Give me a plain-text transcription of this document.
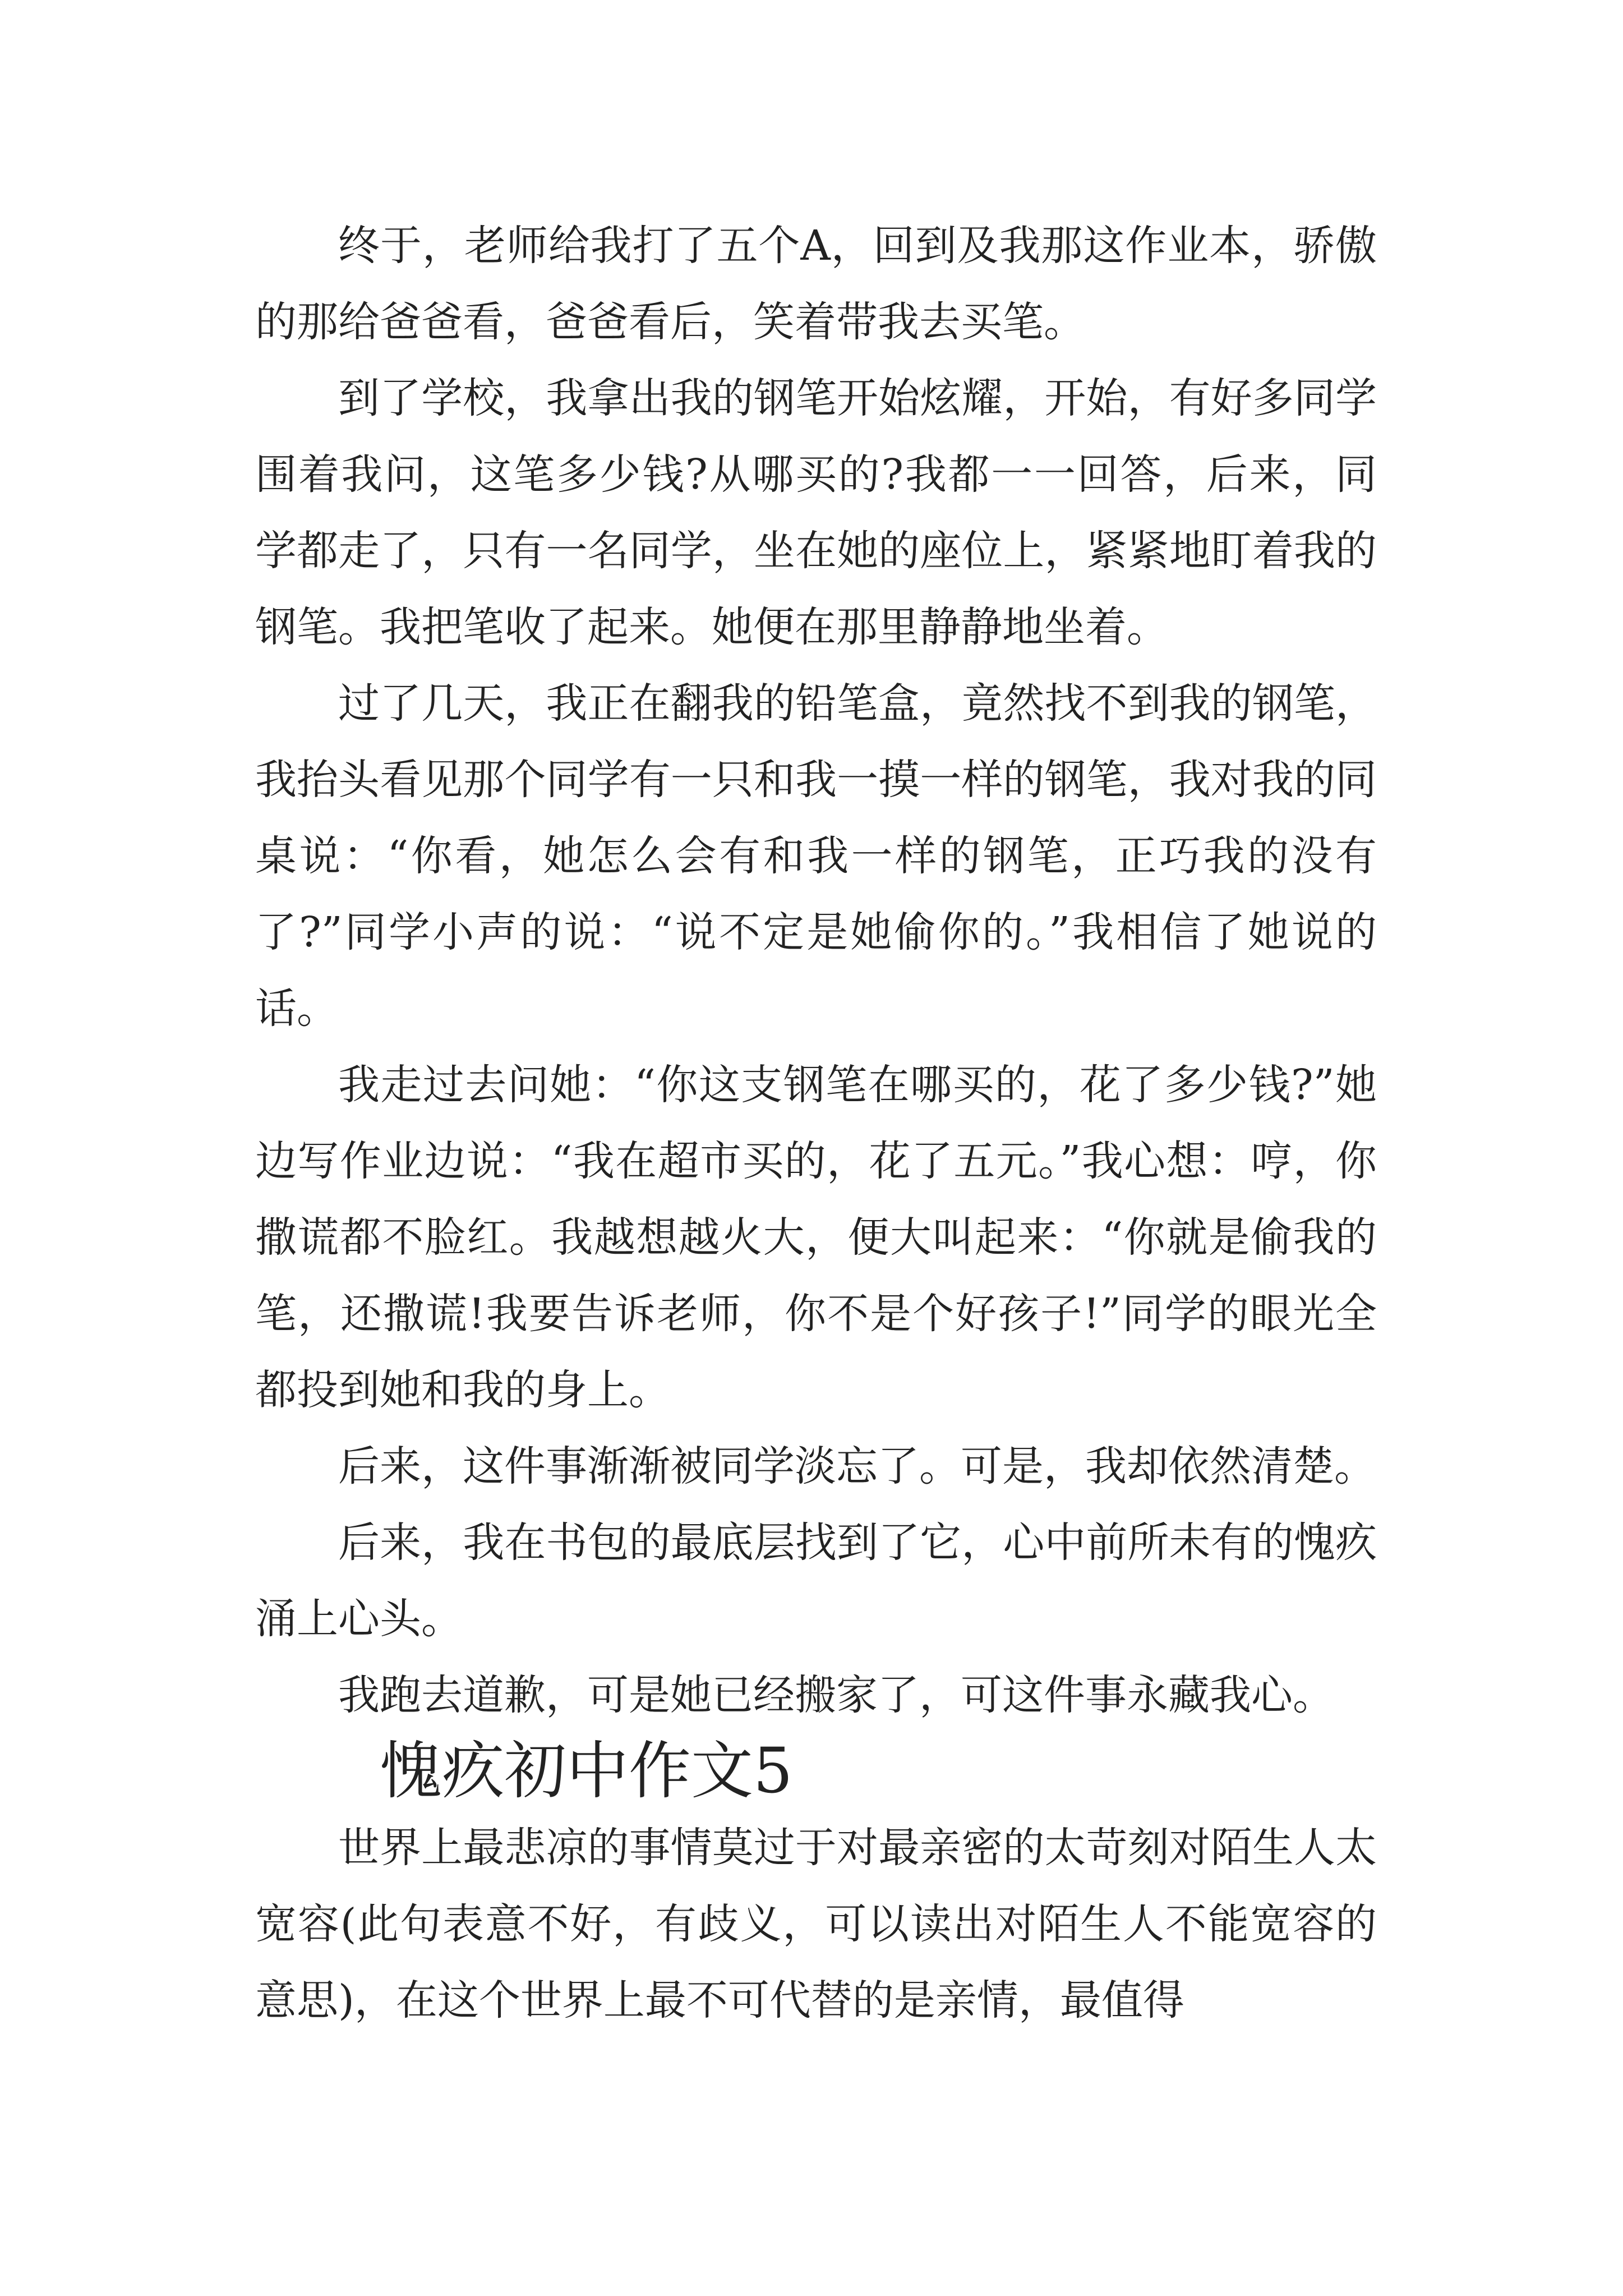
终于，老师给我打了五个A，回到及我那这作业本，骄傲的那给爸爸看，爸爸看后，笑着带我去买笔。

到了学校，我拿出我的钢笔开始炫耀，开始，有好多同学围着我问，这笔多少钱?从哪买的?我都一一回答，后来，同学都走了，只有一名同学，坐在她的座位上，紧紧地盯着我的钢笔。我把笔收了起来。她便在那里静静地坐着。

过了几天，我正在翻我的铅笔盒，竟然找不到我的钢笔，我抬头看见那个同学有一只和我一摸一样的钢笔，我对我的同桌说：“你看，她怎么会有和我一样的钢笔，正巧我的没有了?”同学小声的说：“说不定是她偷你的。”我相信了她说的话。

我走过去问她：“你这支钢笔在哪买的，花了多少钱?”她边写作业边说：“我在超市买的，花了五元。”我心想：哼，你撒谎都不脸红。我越想越火大，便大叫起来：“你就是偷我的笔，还撒谎!我要告诉老师，你不是个好孩子!”同学的眼光全都投到她和我的身上。

后来，这件事渐渐被同学淡忘了。可是，我却依然清楚。

后来，我在书包的最底层找到了它，心中前所未有的愧疚涌上心头。

我跑去道歉，可是她已经搬家了，可这件事永藏我心。

愧疚初中作文5

世界上最悲凉的事情莫过于对最亲密的太苛刻对陌生人太宽容(此句表意不好，有歧义，可以读出对陌生人不能宽容的意思)，在这个世界上最不可代替的是亲情，最值得
